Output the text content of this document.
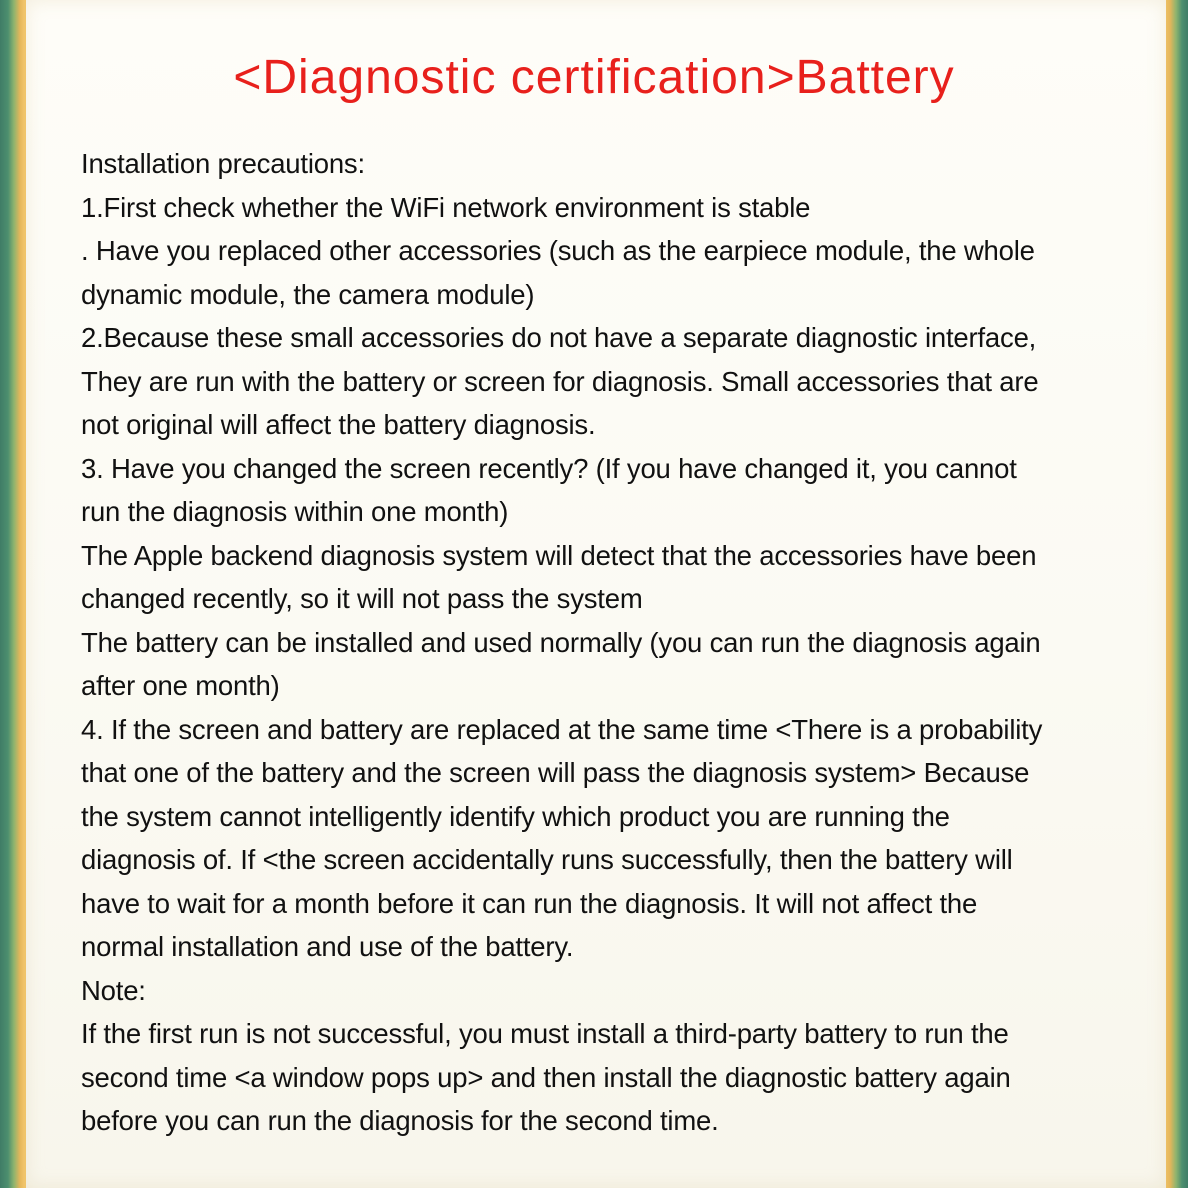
<Diagnostic certification>Battery

Installation precautions:

1.First check whether the WiFi network environment is stable

. Have you replaced other accessories (such as the earpiece module, the whole

dynamic module, the camera module)

2.Because these small accessories do not have a separate diagnostic interface,

They are run with the battery or screen for diagnosis. Small accessories that are

not original will affect the battery diagnosis.

3. Have you changed the screen recently? (If you have changed it, you cannot

run the diagnosis within one month)

The Apple backend diagnosis system will detect that the accessories have been

changed recently, so it will not pass the system

The battery can be installed and used normally (you can run the diagnosis again

after one month)

4. If the screen and battery are replaced at the same time <There is a probability

that one of the battery and the screen will pass the diagnosis system> Because

the system cannot intelligently identify which product you are running the

diagnosis of. If <the screen accidentally runs successfully, then the battery will

have to wait for a month before it can run the diagnosis. It will not affect the

normal installation and use of the battery.

Note:

If the first run is not successful, you must install a third-party battery to run the

second time <a window pops up> and then install the diagnostic battery again

before you can run the diagnosis for the second time.
